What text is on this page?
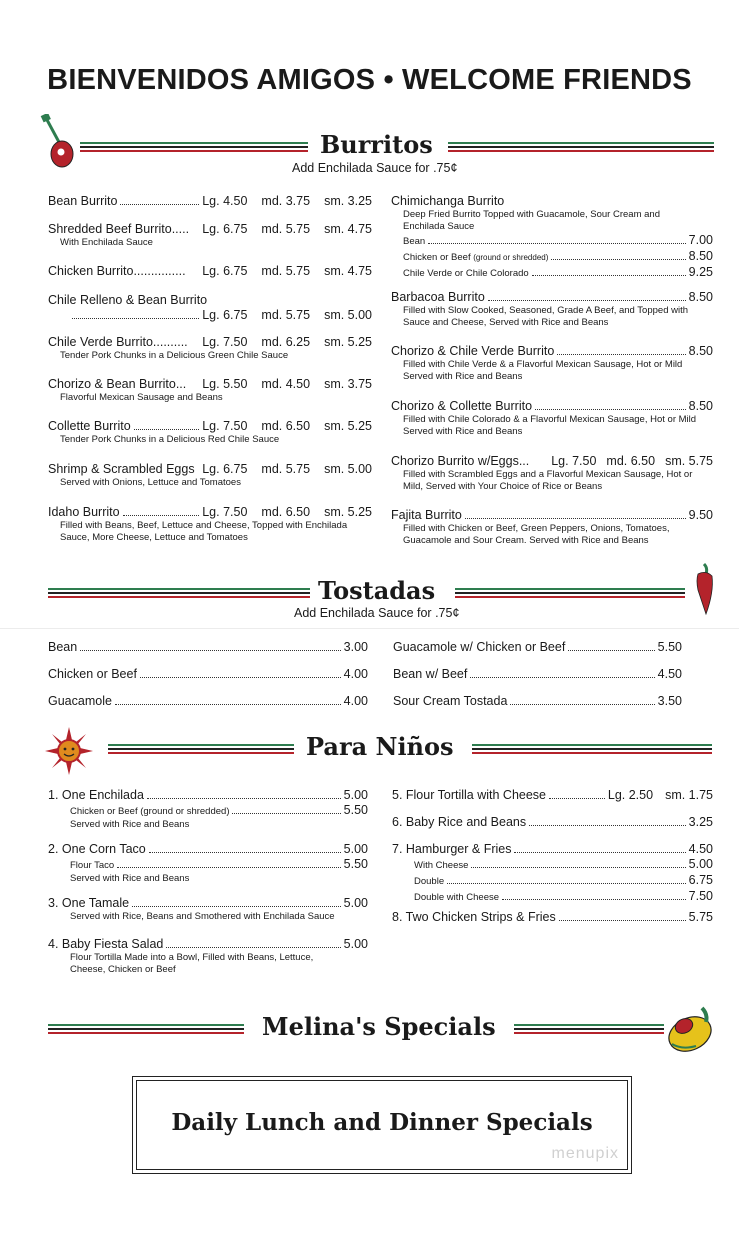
BIENVENIDOS AMIGOS • WELCOME FRIENDS
Burritos
Add Enchilada Sauce for .75¢
Bean Burrito	Lg. 4.50 md. 3.75 sm. 3.25
Shredded Beef Burrito..... Lg. 6.75 md. 5.75 sm. 4.75
With Enchilada Sauce
Chicken Burrito............... Lg. 6.75 md. 5.75 sm. 4.75
Chile Relleno & Bean Burrito
Lg. 6.75 md. 5.75 sm. 5.00
Chile Verde Burrito.......... Lg. 7.50 md. 6.25 sm. 5.25
Tender Pork Chunks in a Delicious Green Chile Sauce
Chorizo & Bean Burrito... Lg. 5.50 md. 4.50 sm. 3.75
Flavorful Mexican Sausage and Beans
Collette Burrito	Lg. 7.50 md. 6.50 sm. 5.25
Tender Pork Chunks in a Delicious Red Chile Sauce
Shrimp & Scrambled Eggs Lg. 6.75 md. 5.75 sm. 5.00
Served with Onions, Lettuce and Tomatoes
Idaho Burrito	Lg. 7.50 md. 6.50 sm. 5.25
Filled with Beans, Beef, Lettuce and Cheese, Topped with Enchilada Sauce, More Cheese, Lettuce and Tomatoes
Chimichanga Burrito
Deep Fried Burrito Topped with Guacamole, Sour Cream and Enchilada Sauce
Bean	7.00
Chicken or Beef
(ground or shredded)	8.50
Chile Verde or Chile Colorado	9.25
Barbacoa Burrito	8.50
Filled with Slow Cooked, Seasoned, Grade A Beef, and Topped with Sauce and Cheese, Served with Rice and Beans
Chorizo & Chile Verde Burrito	8.50
Filled with Chile Verde & a Flavorful Mexican Sausage, Hot or Mild Served with Rice and Beans
Chorizo & Collette Burrito	8.50
Filled with Chile Colorado & a Flavorful Mexican Sausage, Hot or Mild Served with Rice and Beans
Chorizo Burrito w/Eggs... Lg. 7.50 md. 6.50 sm. 5.75
Filled with Scrambled Eggs and a Flavorful Mexican Sausage, Hot or Mild, Served with Your Choice of Rice or Beans
Fajita Burrito	9.50
Filled with Chicken or Beef, Green Peppers, Onions, Tomatoes, Guacamole and Sour Cream. Served with Rice and Beans
Tostadas
Add Enchilada Sauce for .75¢
Bean	3.00
Chicken or Beef	4.00
Guacamole	4.00
Guacamole w/ Chicken or Beef	5.50
Bean w/ Beef	4.50
Sour Cream Tostada	3.50
Para Niños
1. One Enchilada	5.00
Chicken or Beef (ground or shredded)	5.50
Served with Rice and Beans
2. One Corn Taco	5.00
Flour Taco	5.50
Served with Rice and Beans
3. One Tamale	5.00
Served with Rice, Beans and Smothered with Enchilada Sauce
4. Baby Fiesta Salad	5.00
Flour Tortilla Made into a Bowl, Filled with Beans, Lettuce, Cheese, Chicken or Beef
5. Flour Tortilla with Cheese	Lg. 2.50 sm. 1.75
6. Baby Rice and Beans	3.25
7. Hamburger & Fries	4.50
With Cheese	5.00
Double	6.75
Double with Cheese	7.50
8. Two Chicken Strips & Fries	5.75
Melina's Specials
Daily Lunch and Dinner Specials
menupix
